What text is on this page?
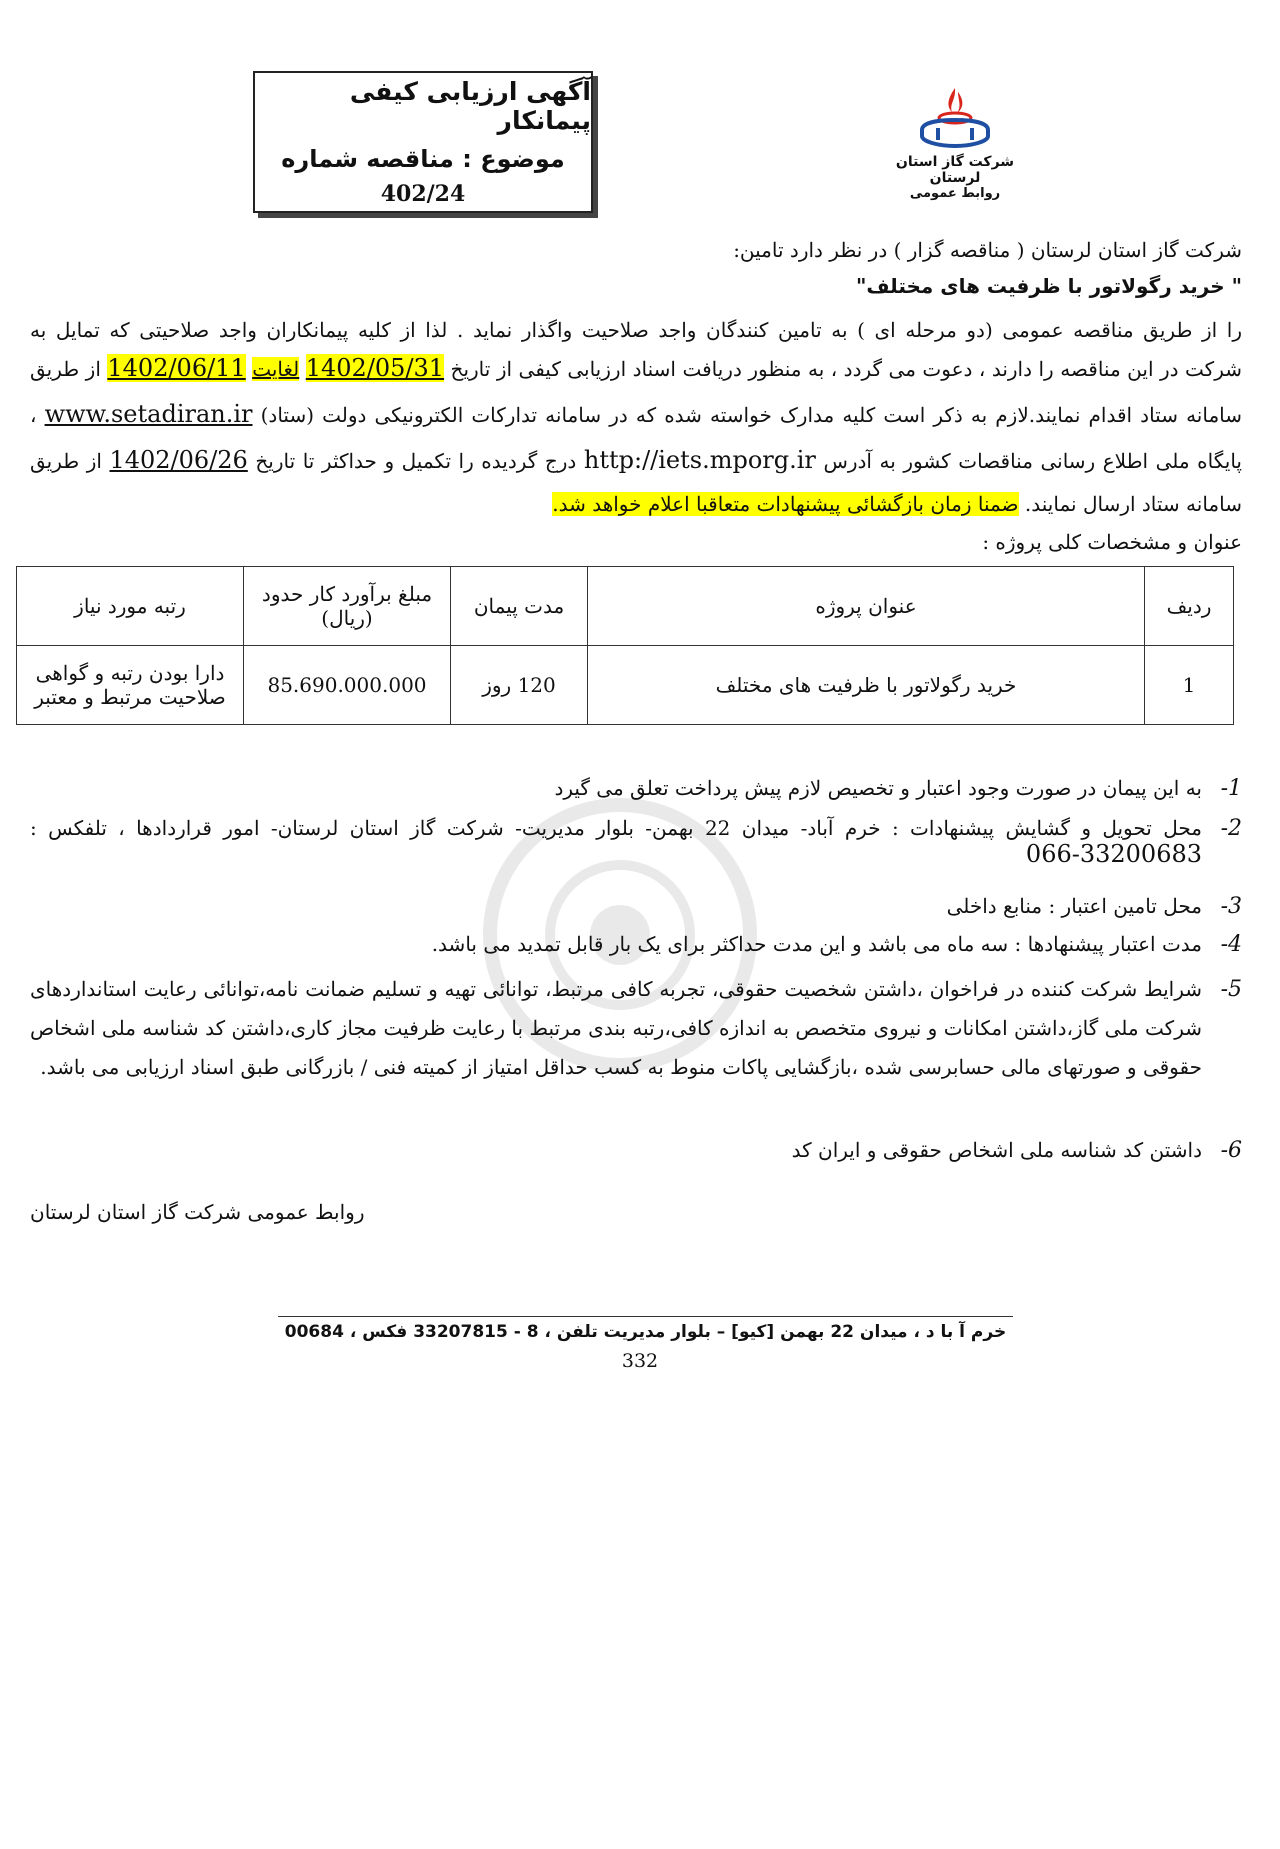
آگهی ارزیابی کیفی پیمانکار
موضوع : مناقصه شماره
402/24
شرکت گاز استان لرستان
روابط عمومی
شرکت گاز استان لرستان ( مناقصه گزار ) در نظر دارد تامین:
" خرید رگولاتور با ظرفیت های مختلف"
را از طریق مناقصه عمومی (دو مرحله ای ) به تامین کنندگان واجد صلاحیت واگذار نماید . لذا از کلیه پیمانکاران واجد صلاحیتی که تمایل به
شرکت در این مناقصه را دارند ، دعوت می گردد ، به منظور دریافت اسناد ارزیابی کیفی از تاریخ 1402/05/31 لغایت 1402/06/11 از طریق
سامانه ستاد اقدام نمایند.لازم به ذکر است کلیه مدارک خواسته شده که در سامانه تدارکات الکترونیکی دولت (ستاد) www.setadiran.ir ،
پایگاه ملی اطلاع رسانی مناقصات کشور به آدرس http://iets.mporg.ir درج گردیده را تکمیل و حداکثر تا تاریخ 1402/06/26 از طریق
سامانه ستاد ارسال نمایند. ضمنا زمان بازگشائی پیشنهادات متعاقبا اعلام خواهد شد.
عنوان و مشخصات کلی پروژه :
ردیف	عنوان پروژه	مدت پیمان	مبلغ برآورد کار حدود (ریال)	رتبه مورد نیاز
1	خرید رگولاتور با ظرفیت های مختلف	120 روز	85.690.000.000	دارا بودن رتبه و گواهی صلاحیت مرتبط و معتبر
1-
به این پیمان در صورت وجود اعتبار و تخصیص لازم پیش پرداخت تعلق می گیرد
2-
محل تحویل و گشایش پیشنهادات : خرم آباد- میدان 22 بهمن- بلوار مدیریت- شرکت گاز استان لرستان- امور قراردادها ، تلفکس :
066-33200683
3-
محل تامین اعتبار : منابع داخلی
4-
مدت اعتبار پیشنهادها : سه ماه می باشد و این مدت حداکثر برای یک بار قابل تمدید می باشد.
5-
شرایط شرکت کننده در فراخوان ،داشتن شخصیت حقوقی، تجربه کافی مرتبط، توانائی تهیه و تسلیم ضمانت نامه،توانائی رعایت استانداردهای شرکت ملی گاز،داشتن امکانات و نیروی متخصص به اندازه کافی،رتبه بندی مرتبط با رعایت ظرفیت مجاز کاری،داشتن کد شناسه ملی اشخاص حقوقی و صورتهای مالی حسابرسی شده ،بازگشایی پاکات منوط به کسب حداقل امتیاز از کمیته فنی / بازرگانی طبق اسناد ارزیابی می باشد.
6-
داشتن کد شناسه ملی اشخاص حقوقی و ایران کد
روابط عمومی شرکت گاز استان لرستان
خرم آ با د ، میدان 22 بهمن [کیو] – بلوار مدیریت تلفن ، 8 - 33207815 فکس ، 00684
332
